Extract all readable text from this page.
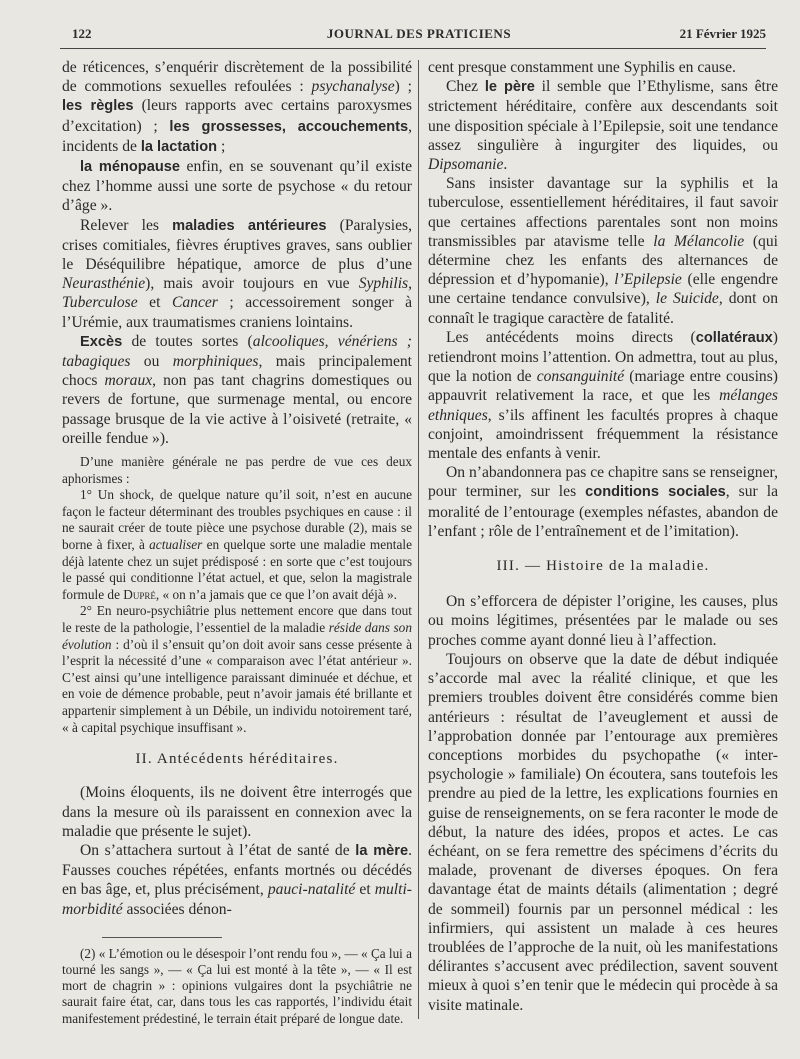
122	JOURNAL DES PRATICIENS	21 Février 1925

de réticences, s’enquérir discrètement de la possibilité de commotions sexuelles refoulées : psychanalyse) ; les règles (leurs rapports avec certains paroxysmes d’excitation) ; les grossesses, accouchements, incidents de la lactation ;

la ménopause enfin, en se souvenant qu’il existe chez l’homme aussi une sorte de psychose « du retour d’âge ».

Relever les maladies antérieures (Paralysies, crises comitiales, fièvres éruptives graves, sans oublier le Déséquilibre hépatique, amorce de plus d’une Neurasthénie), mais avoir toujours en vue Syphilis, Tuberculose et Cancer ; accessoirement songer à l’Urémie, aux traumatismes craniens lointains.

Excès de toutes sortes (alcooliques, vénériens ; tabagiques ou morphiniques, mais principalement chocs moraux, non pas tant chagrins domestiques ou revers de fortune, que surmenage mental, ou encore passage brusque de la vie active à l’oisiveté (retraite, « oreille fendue »).

D’une manière générale ne pas perdre de vue ces deux aphorismes :

1° Un shock, de quelque nature qu’il soit, n’est en aucune façon le facteur déterminant des troubles psychiques en cause : il ne saurait créer de toute pièce une psychose durable (2), mais se borne à fixer, à actualiser en quelque sorte une maladie mentale déjà latente chez un sujet prédisposé : en sorte que c’est toujours le passé qui conditionne l’état actuel, et que, selon la magistrale formule de Dupré, « on n’a jamais que ce que l’on avait déjà ».

2° En neuro-psychiâtrie plus nettement encore que dans tout le reste de la pathologie, l’essentiel de la maladie réside dans son évolution : d’où il s’ensuit qu’on doit avoir sans cesse présente à l’esprit la nécessité d’une « comparaison avec l’état antérieur ». C’est ainsi qu’une intelligence paraissant diminuée et déchue, et en voie de démence probable, peut n’avoir jamais été brillante et appartenir simplement à un Débile, un individu notoirement taré, « à capital psychique insuffisant ».

II. Antécédents héréditaires.

(Moins éloquents, ils ne doivent être interrogés que dans la mesure où ils paraissent en connexion avec la maladie que présente le sujet).

On s’attachera surtout à l’état de santé de la mère. Fausses couches répétées, enfants mortnés ou décédés en bas âge, et, plus précisément, pauci-natalité et multi-morbidité associées dénon-

(2) « L’émotion ou le désespoir l’ont rendu fou », — « Ça lui a tourné les sangs », — « Ça lui est monté à la tête », — « Il est mort de chagrin » : opinions vulgaires dont la psychiâtrie ne saurait faire état, car, dans tous les cas rapportés, l’individu était manifestement prédestiné, le terrain était préparé de longue date.

cent presque constamment une Syphilis en cause.

Chez le père il semble que l’Ethylisme, sans être strictement héréditaire, confère aux descendants soit une disposition spéciale à l’Epilepsie, soit une tendance assez singulière à ingurgiter des liquides, ou Dipsomanie.

Sans insister davantage sur la syphilis et la tuberculose, essentiellement héréditaires, il faut savoir que certaines affections parentales sont non moins transmissibles par atavisme telle la Mélancolie (qui détermine chez les enfants des alternances de dépression et d’hypomanie), l’Epilepsie (elle engendre une certaine tendance convulsive), le Suicide, dont on connaît le tragique caractère de fatalité.

Les antécédents moins directs (collatéraux) retiendront moins l’attention. On admettra, tout au plus, que la notion de consanguinité (mariage entre cousins) appauvrit relativement la race, et que les mélanges ethniques, s’ils affinent les facultés propres à chaque conjoint, amoindrissent fréquemment la résistance mentale des enfants à venir.

On n’abandonnera pas ce chapitre sans se renseigner, pour terminer, sur les conditions sociales, sur la moralité de l’entourage (exemples néfastes, abandon de l’enfant ; rôle de l’entraînement et de l’imitation).

III. — Histoire de la maladie.

On s’efforcera de dépister l’origine, les causes, plus ou moins légitimes, présentées par le malade ou ses proches comme ayant donné lieu à l’affection.

Toujours on observe que la date de début indiquée s’accorde mal avec la réalité clinique, et que les premiers troubles doivent être considérés comme bien antérieurs : résultat de l’aveuglement et aussi de l’approbation donnée par l’entourage aux premières conceptions morbides du psychopathe (« inter-psychologie » familiale) On écoutera, sans toutefois les prendre au pied de la lettre, les explications fournies en guise de renseignements, on se fera raconter le mode de début, la nature des idées, propos et actes. Le cas échéant, on se fera remettre des spécimens d’écrits du malade, provenant de diverses époques. On fera davantage état de maints détails (alimentation ; degré de sommeil) fournis par un personnel médical : les infirmiers, qui assistent un malade à ces heures troublées de l’approche de la nuit, où les manifestations délirantes s’accusent avec prédilection, savent souvent mieux à quoi s’en tenir que le médecin qui procède à sa visite matinale.
